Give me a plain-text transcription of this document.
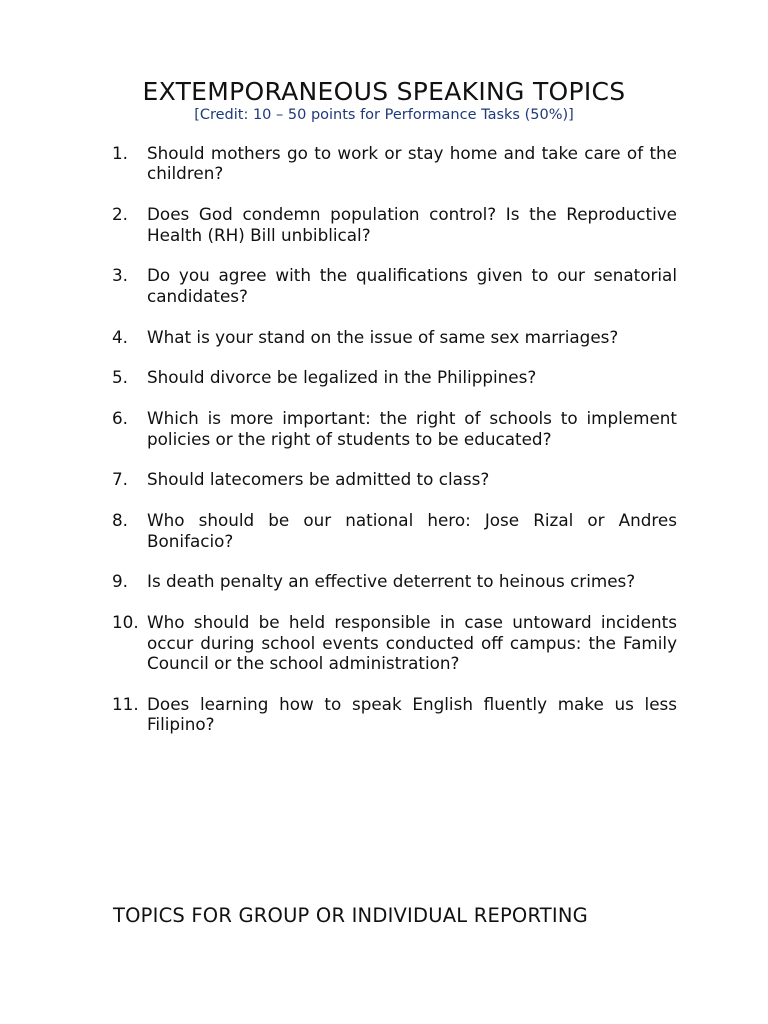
EXTEMPORANEOUS SPEAKING TOPICS

[Credit: 10 – 50 points for Performance Tasks (50%)]

1. Should mothers go to work or stay home and take care of the children?
2. Does God condemn population control? Is the Reproductive Health (RH) Bill unbiblical?
3. Do you agree with the qualifications given to our senatorial candidates?
4. What is your stand on the issue of same sex marriages?
5. Should divorce be legalized in the Philippines?
6. Which is more important: the right of schools to implement policies or the right of students to be educated?
7. Should latecomers be admitted to class?
8. Who should be our national hero: Jose Rizal or Andres Bonifacio?
9. Is death penalty an effective deterrent to heinous crimes?
10. Who should be held responsible in case untoward incidents occur during school events conducted off campus: the Family Council or the school administration?
11. Does learning how to speak English fluently make us less Filipino?
TOPICS FOR GROUP OR INDIVIDUAL REPORTING
